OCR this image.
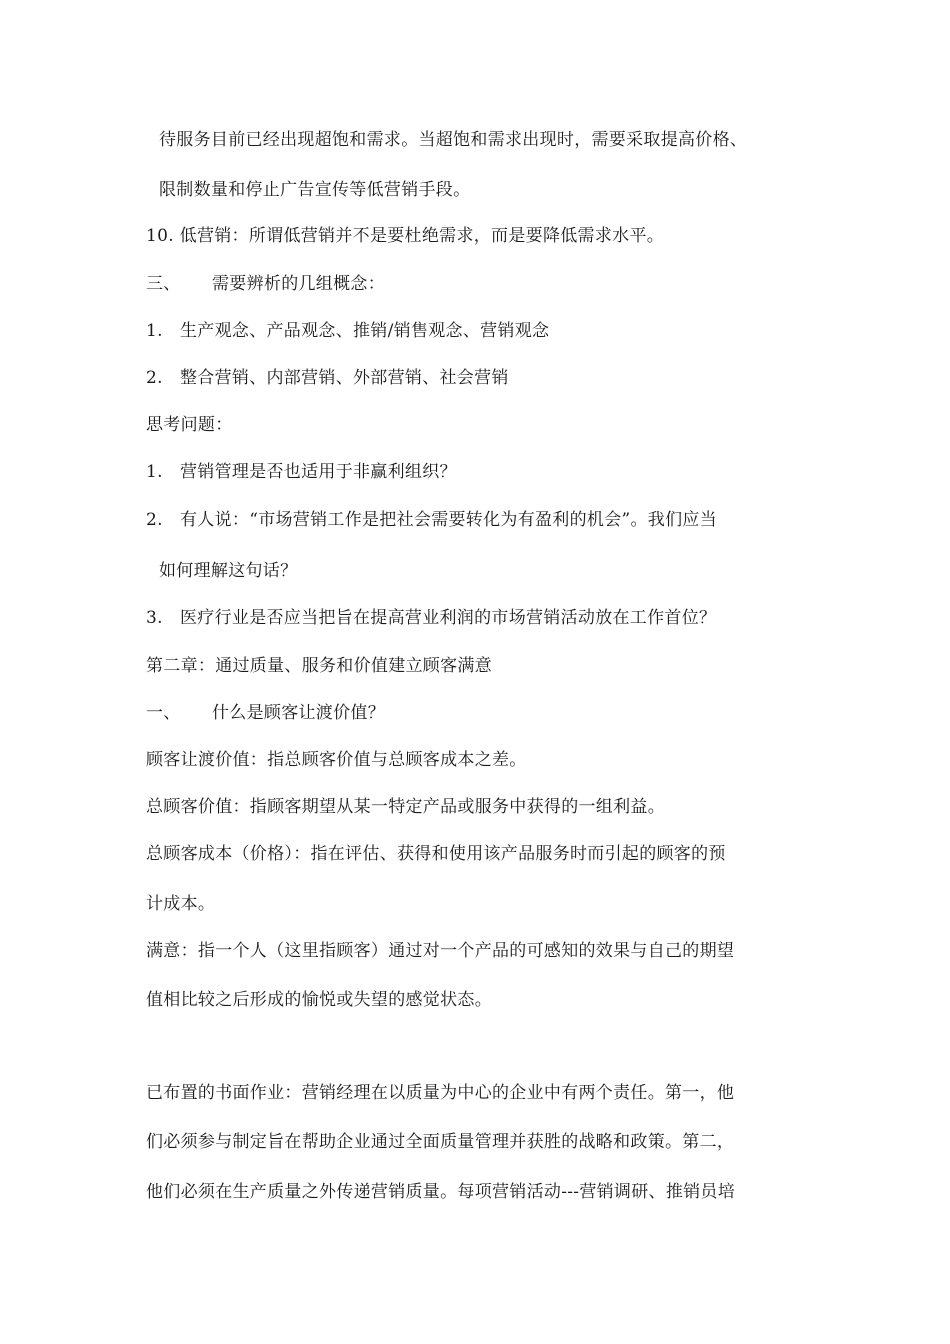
待服务目前已经出现超饱和需求。当超饱和需求出现时，需要采取提高价格、
限制数量和停止广告宣传等低营销手段。
10. 低营销：所谓低营销并不是要杜绝需求，而是要降低需求水平。
三、 需要辨析的几组概念：
1. 生产观念、产品观念、推销/销售观念、营销观念
2. 整合营销、内部营销、外部营销、社会营销
思考问题：
1. 营销管理是否也适用于非赢利组织？
2. 有人说：“市场营销工作是把社会需要转化为有盈利的机会”。我们应当
如何理解这句话？
3. 医疗行业是否应当把旨在提高营业利润的市场营销活动放在工作首位？
第二章：通过质量、服务和价值建立顾客满意
一、 什么是顾客让渡价值？
顾客让渡价值：指总顾客价值与总顾客成本之差。
总顾客价值：指顾客期望从某一特定产品或服务中获得的一组利益。
总顾客成本（价格）：指在评估、获得和使用该产品服务时而引起的顾客的预
计成本。
满意：指一个人（这里指顾客）通过对一个产品的可感知的效果与自己的期望
值相比较之后形成的愉悦或失望的感觉状态。
已布置的书面作业：营销经理在以质量为中心的企业中有两个责任。第一，他
们必须参与制定旨在帮助企业通过全面质量管理并获胜的战略和政策。第二，
他们必须在生产质量之外传递营销质量。每项营销活动---营销调研、推销员培
